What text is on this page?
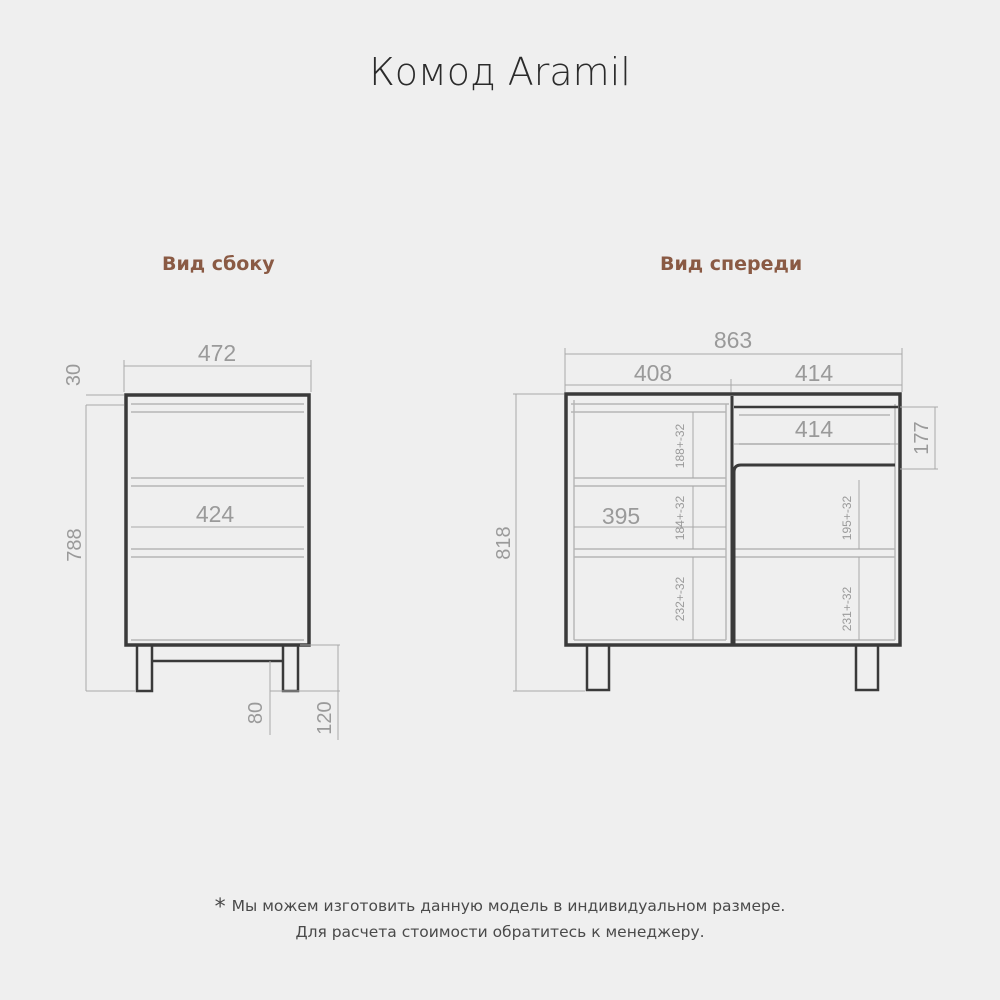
Комод Aramil
Вид сбоку	Вид спереди
472
424
30
788
80 120
863
408	414
414	177
818
395
188+-32
184+-32
232+-32
195+-32
231+-32
* Мы можем изготовить данную модель в индивидуальном размере.
Для расчета стоимости обратитесь к менеджеру.
